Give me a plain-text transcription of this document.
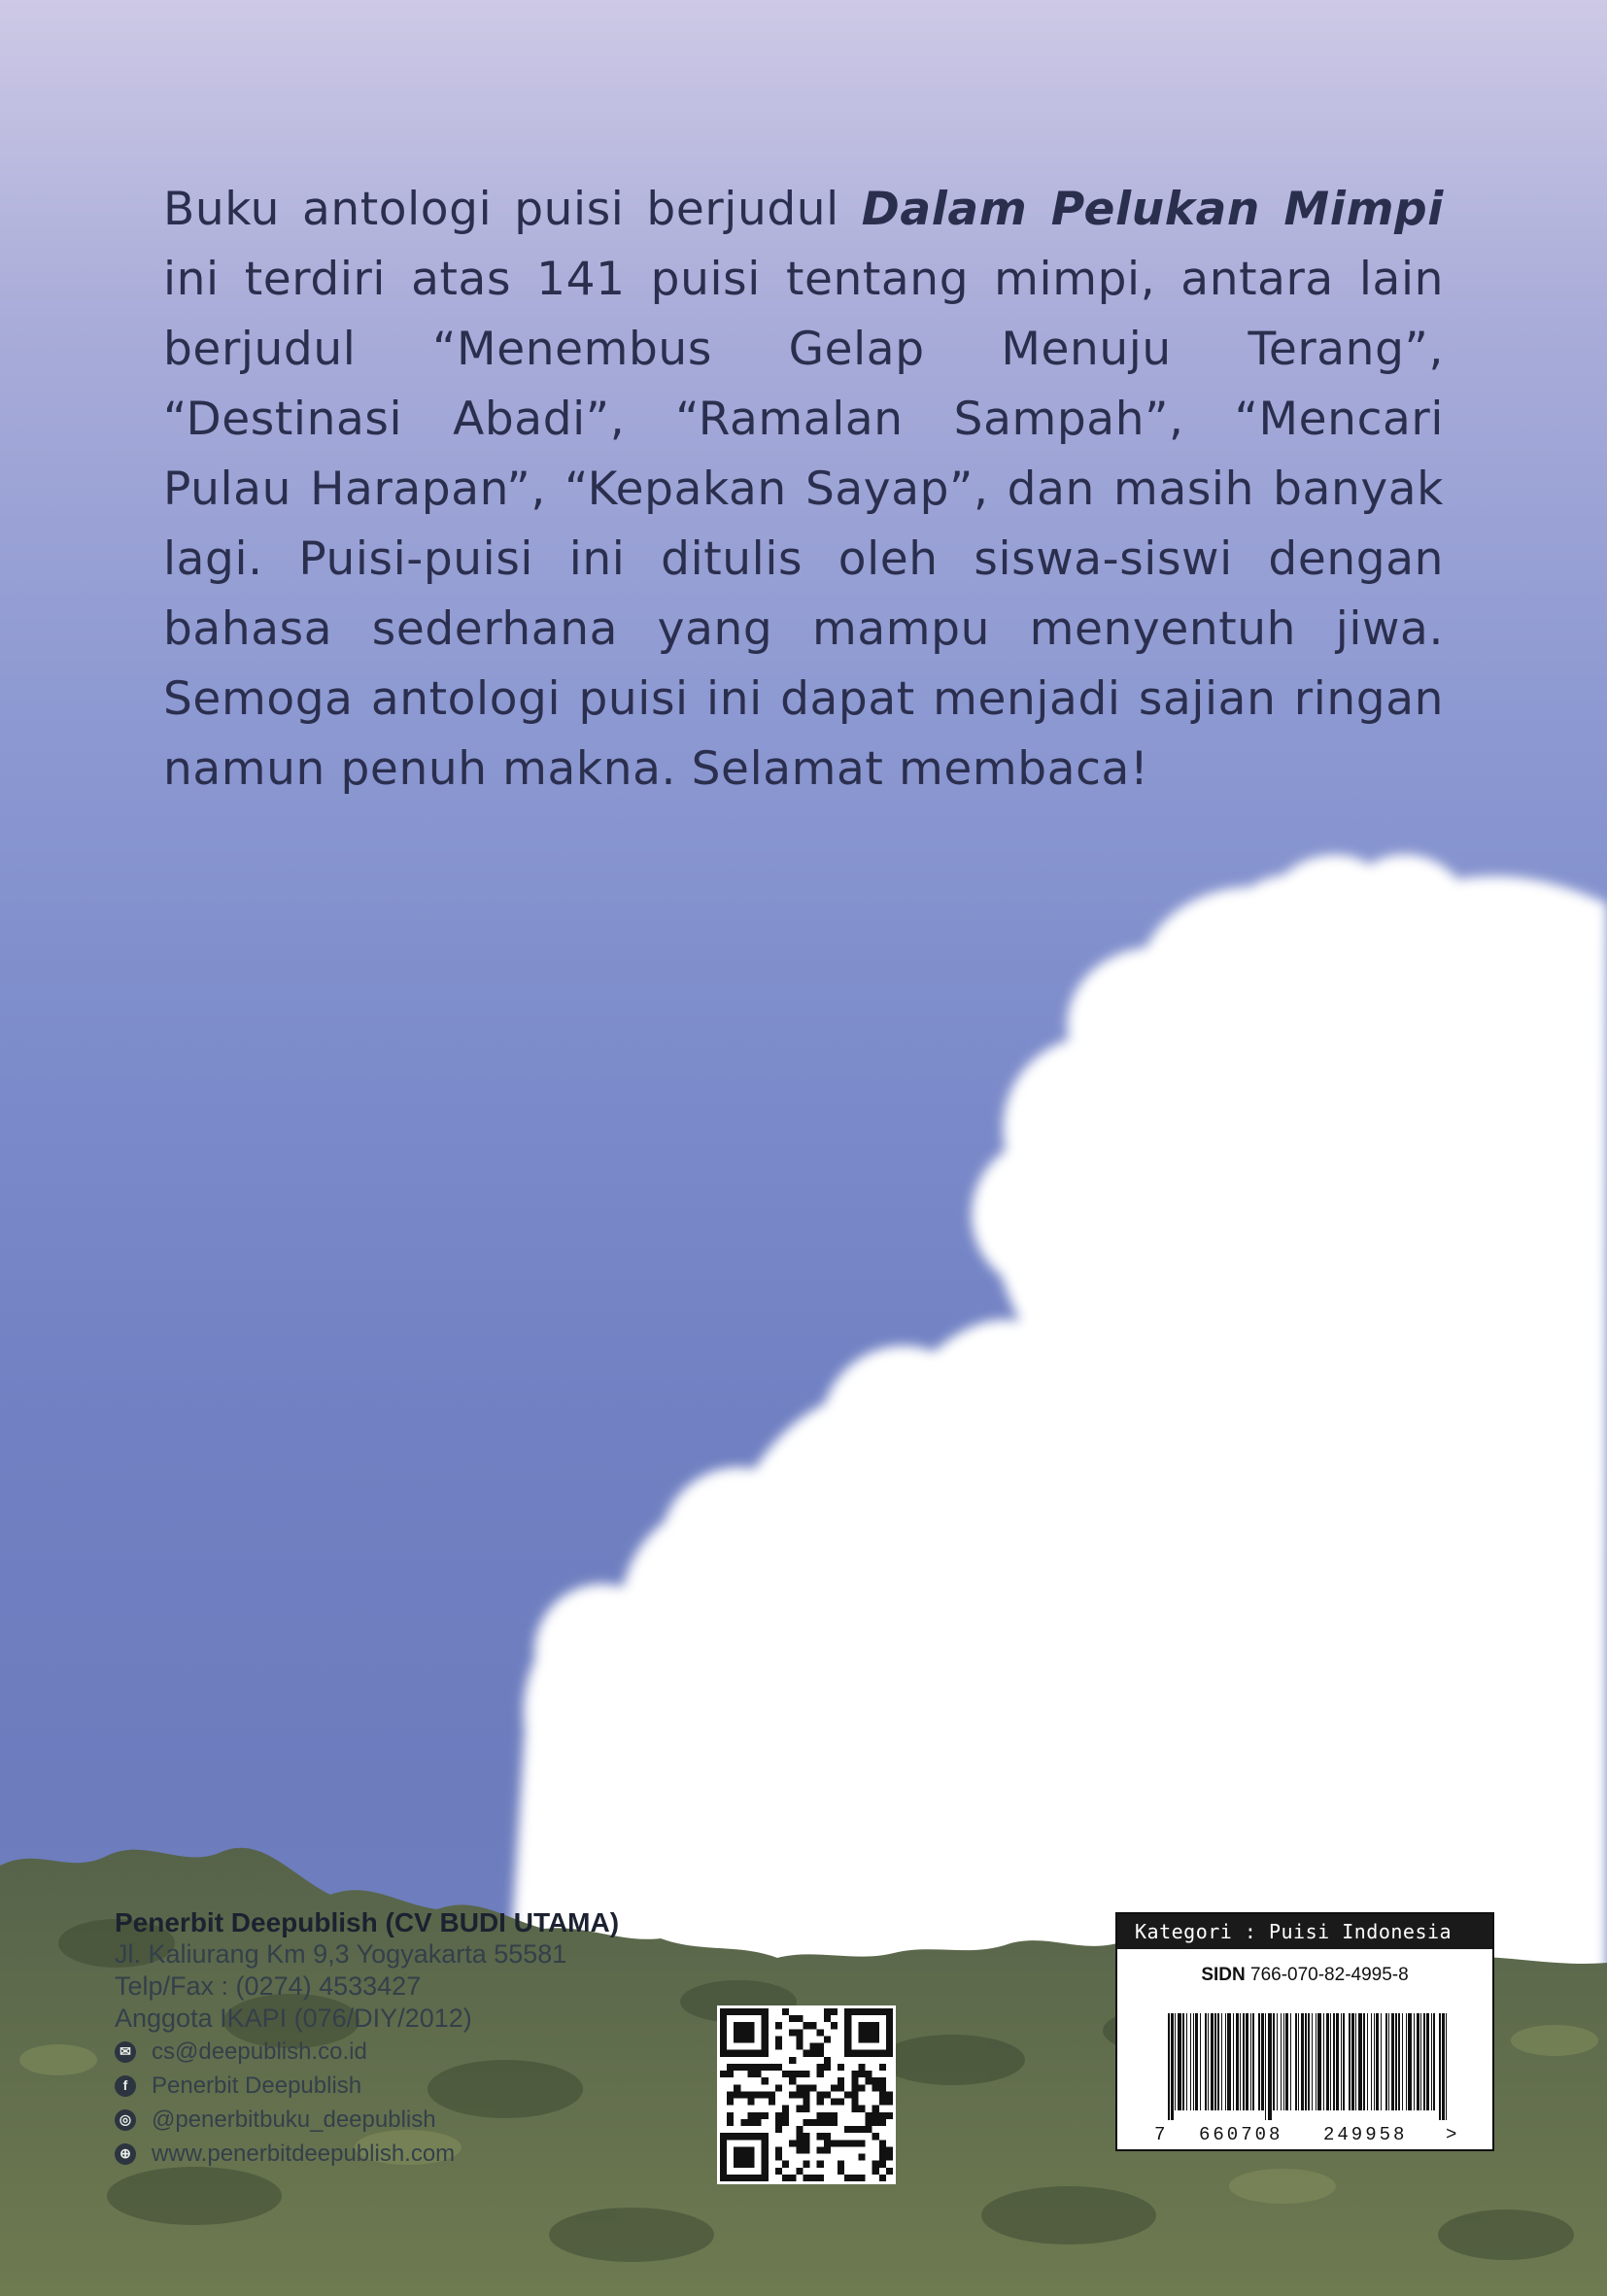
Buku antologi puisi berjudul Dalam Pelukan Mimpi ini terdiri atas 141 puisi tentang mimpi, antara lain berjudul “Menembus Gelap Menuju Terang”, “Destinasi Abadi”, “Ramalan Sampah”, “Mencari Pulau Harapan”, “Kepakan Sayap”, dan masih banyak lagi. Puisi-puisi ini ditulis oleh siswa-siswi dengan bahasa sederhana yang mampu menyentuh jiwa. Semoga antologi puisi ini dapat menjadi sajian ringan namun penuh makna. Selamat membaca!
Penerbit Deepublish (CV BUDI UTAMA)
Jl. Kaliurang Km 9,3 Yogyakarta 55581
Telp/Fax : (0274) 4533427
Anggota IKAPI (076/DIY/2012)
✉ cs@deepublish.co.id
f	Penerbit Deepublish
◎ @penerbitbuku_deepublish
⊕ www.penerbitdeepublish.com
Kategori : Puisi Indonesia
SIDN 766-070-82-4995-8
7 660708 249958 >
